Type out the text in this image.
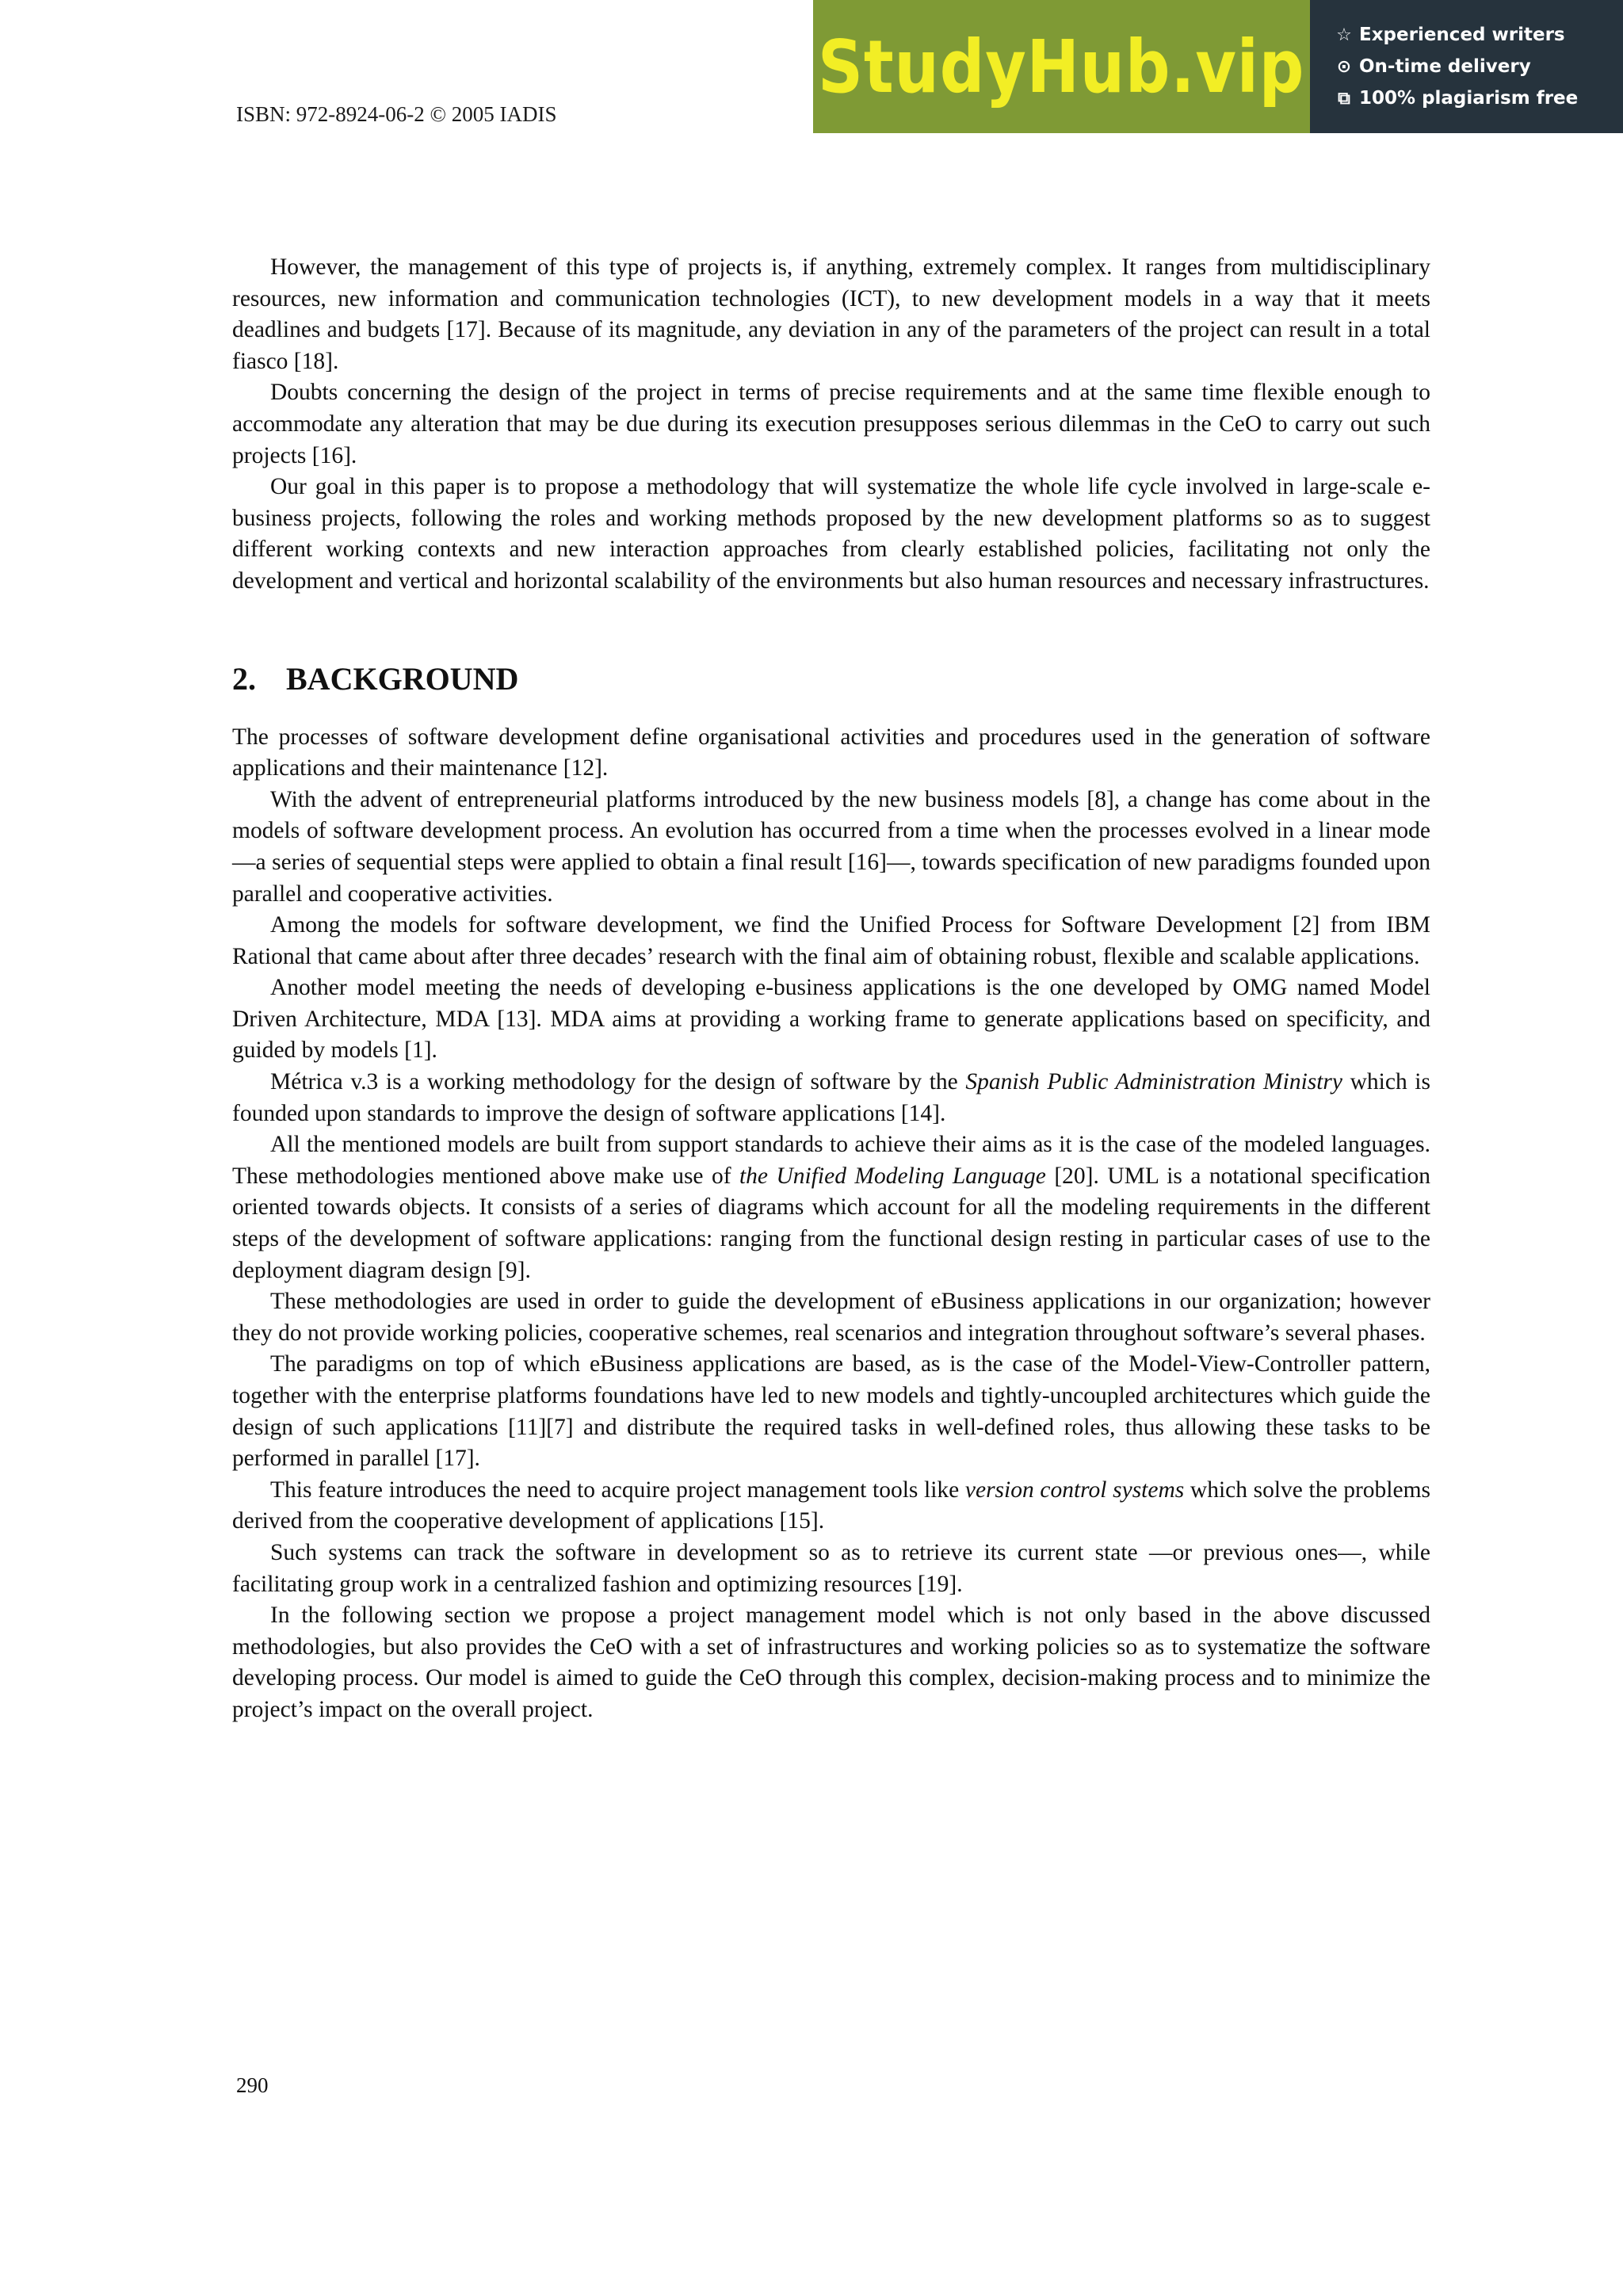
ISBN: 972-8924-06-2 © 2005 IADIS
StudyHub.vip ☆ Experienced writers
⊙ On-time delivery
⧉ 100% plagiarism free

However, the management of this type of projects is, if anything, extremely complex. It ranges from multidisciplinary resources, new information and communication technologies (ICT), to new development models in a way that it meets deadlines and budgets [17]. Because of its magnitude, any deviation in any of the parameters of the project can result in a total fiasco [18].

Doubts concerning the design of the project in terms of precise requirements and at the same time flexible enough to accommodate any alteration that may be due during its execution presupposes serious dilemmas in the CeO to carry out such projects [16].

Our goal in this paper is to propose a methodology that will systematize the whole life cycle involved in large-scale e-business projects, following the roles and working methods proposed by the new development platforms so as to suggest different working contexts and new interaction approaches from clearly established policies, facilitating not only the development and vertical and horizontal scalability of the environments but also human resources and necessary infrastructures.

2. BACKGROUND

The processes of software development define organisational activities and procedures used in the generation of software applications and their maintenance [12].

With the advent of entrepreneurial platforms introduced by the new business models [8], a change has come about in the models of software development process. An evolution has occurred from a time when the processes evolved in a linear mode —a series of sequential steps were applied to obtain a final result [16]—, towards specification of new paradigms founded upon parallel and cooperative activities.

Among the models for software development, we find the Unified Process for Software Development [2] from IBM Rational that came about after three decades’ research with the final aim of obtaining robust, flexible and scalable applications.

Another model meeting the needs of developing e-business applications is the one developed by OMG named Model Driven Architecture, MDA [13]. MDA aims at providing a working frame to generate applications based on specificity, and guided by models [1].

Métrica v.3 is a working methodology for the design of software by the Spanish Public Administration Ministry which is founded upon standards to improve the design of software applications [14].

All the mentioned models are built from support standards to achieve their aims as it is the case of the modeled languages. These methodologies mentioned above make use of the Unified Modeling Language [20]. UML is a notational specification oriented towards objects. It consists of a series of diagrams which account for all the modeling requirements in the different steps of the development of software applications: ranging from the functional design resting in particular cases of use to the deployment diagram design [9].

These methodologies are used in order to guide the development of eBusiness applications in our organization; however they do not provide working policies, cooperative schemes, real scenarios and integration throughout software’s several phases.

The paradigms on top of which eBusiness applications are based, as is the case of the Model-View-Controller pattern, together with the enterprise platforms foundations have led to new models and tightly-uncoupled architectures which guide the design of such applications [11][7] and distribute the required tasks in well-defined roles, thus allowing these tasks to be performed in parallel [17].

This feature introduces the need to acquire project management tools like version control systems which solve the problems derived from the cooperative development of applications [15].

Such systems can track the software in development so as to retrieve its current state —or previous ones—, while facilitating group work in a centralized fashion and optimizing resources [19].

In the following section we propose a project management model which is not only based in the above discussed methodologies, but also provides the CeO with a set of infrastructures and working policies so as to systematize the software developing process. Our model is aimed to guide the CeO through this complex, decision-making process and to minimize the project’s impact on the overall project.

290
